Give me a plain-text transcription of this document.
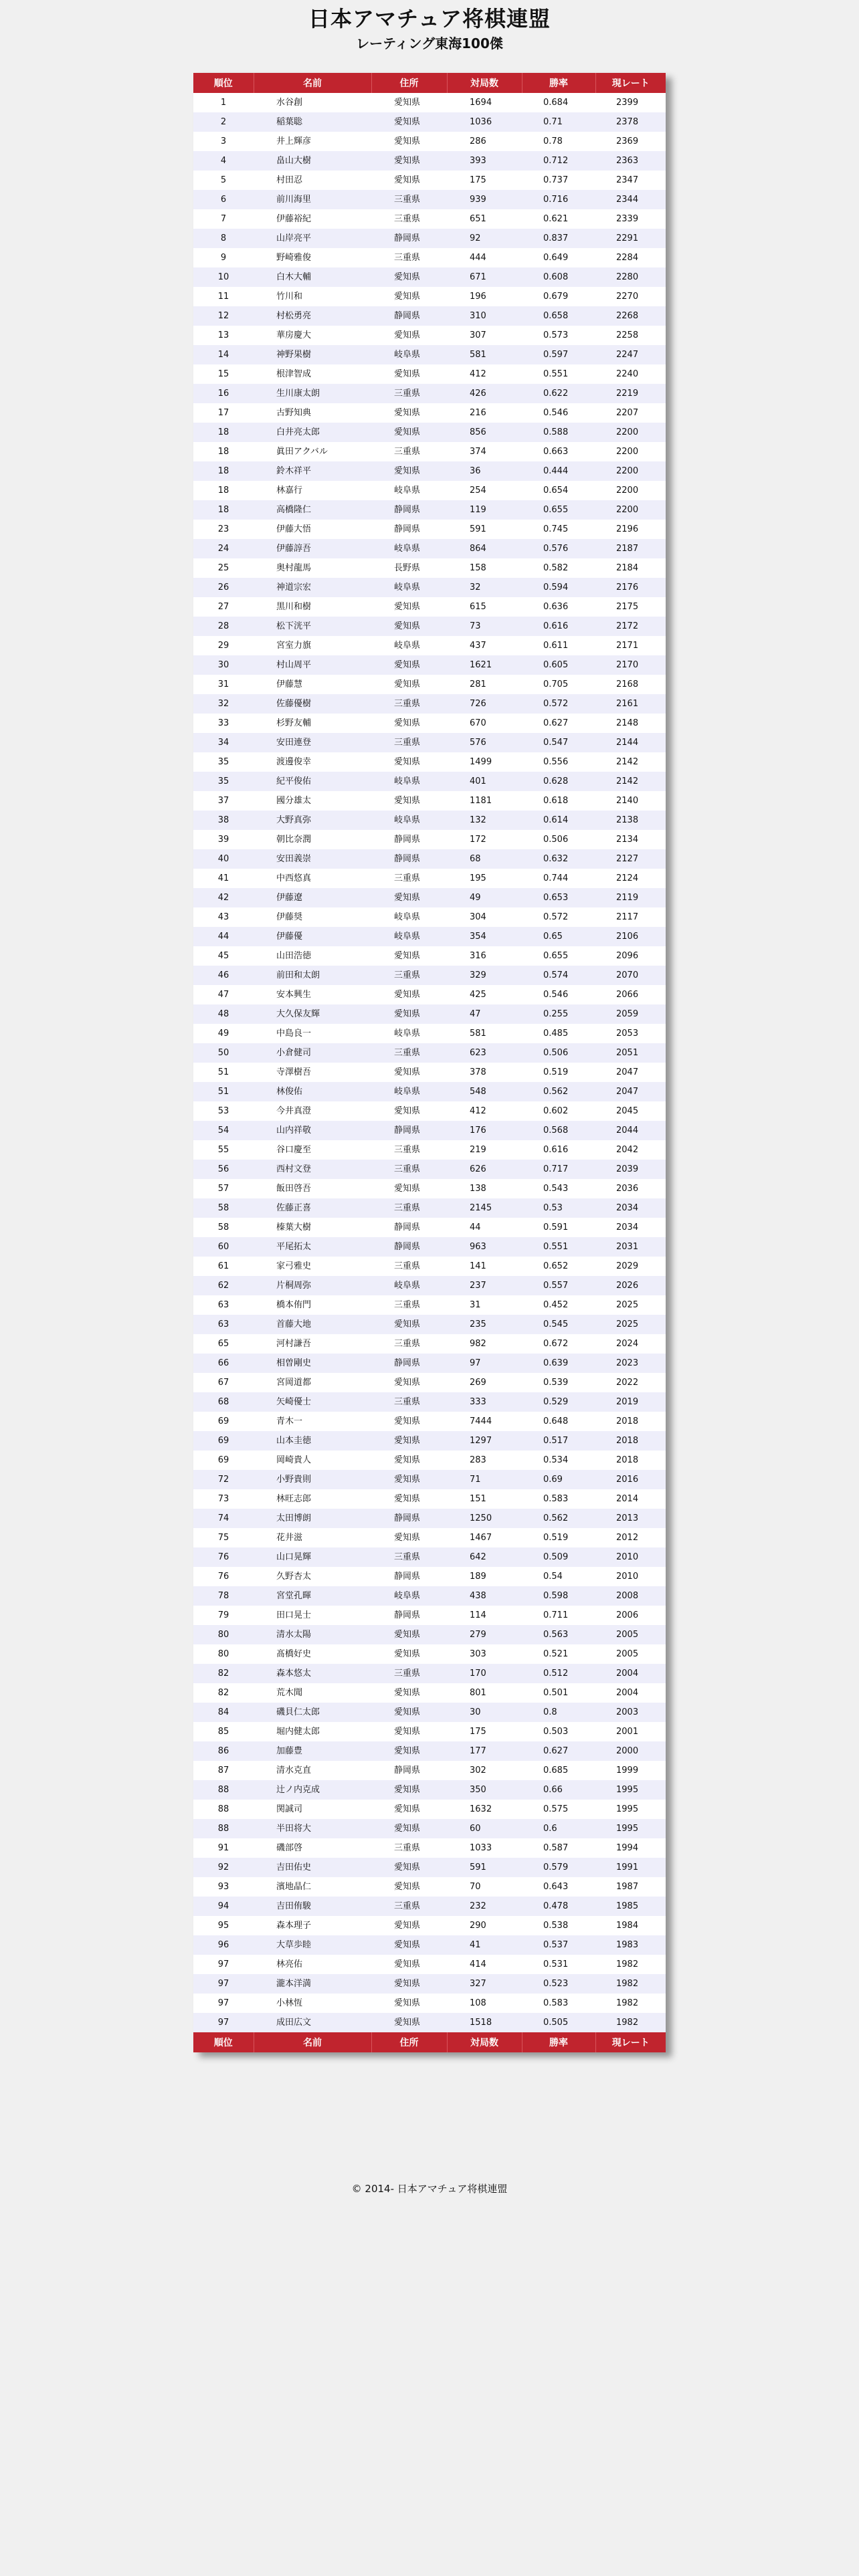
日本アマチュア将棋連盟
レーティング東海100傑
順位	名前	住所	対局数	勝率	現レート
1	水谷創	愛知県	1694	0.684	2399
2	稲葉聡	愛知県	1036	0.71	2378
3	井上輝彦	愛知県	286	0.78	2369
4	畠山大樹	愛知県	393	0.712	2363
5	村田忍	愛知県	175	0.737	2347
6	前川海里	三重県	939	0.716	2344
7	伊藤裕紀	三重県	651	0.621	2339
8	山岸亮平	静岡県	92	0.837	2291
9	野崎雅俊	三重県	444	0.649	2284
10	白木大輔	愛知県	671	0.608	2280
11	竹川和	愛知県	196	0.679	2270
12	村松勇亮	静岡県	310	0.658	2268
13	華房慶大	愛知県	307	0.573	2258
14	神野果樹	岐阜県	581	0.597	2247
15	根津智成	愛知県	412	0.551	2240
16	生川康太朗	三重県	426	0.622	2219
17	古野知典	愛知県	216	0.546	2207
18	白井亮太郎	愛知県	856	0.588	2200
18	眞田アクバル	三重県	374	0.663	2200
18	鈴木祥平	愛知県	36	0.444	2200
18	林嘉行	岐阜県	254	0.654	2200
18	高橋隆仁	静岡県	119	0.655	2200
23	伊藤大悟	静岡県	591	0.745	2196
24	伊藤諄吾	岐阜県	864	0.576	2187
25	奥村龍馬	長野県	158	0.582	2184
26	神道宗宏	岐阜県	32	0.594	2176
27	黒川和樹	愛知県	615	0.636	2175
28	松下洸平	愛知県	73	0.616	2172
29	宮室力旗	岐阜県	437	0.611	2171
30	村山周平	愛知県	1621	0.605	2170
31	伊藤慧	愛知県	281	0.705	2168
32	佐藤優樹	三重県	726	0.572	2161
33	杉野友輔	愛知県	670	0.627	2148
34	安田連登	三重県	576	0.547	2144
35	渡邊俊幸	愛知県	1499	0.556	2142
35	紀平俊佑	岐阜県	401	0.628	2142
37	國分雄太	愛知県	1181	0.618	2140
38	大野真弥	岐阜県	132	0.614	2138
39	朝比奈潤	静岡県	172	0.506	2134
40	安田義崇	静岡県	68	0.632	2127
41	中西悠真	三重県	195	0.744	2124
42	伊藤遼	愛知県	49	0.653	2119
43	伊藤奨	岐阜県	304	0.572	2117
44	伊藤優	岐阜県	354	0.65	2106
45	山田浩徳	愛知県	316	0.655	2096
46	前田和太朗	三重県	329	0.574	2070
47	安本興生	愛知県	425	0.546	2066
48	大久保友輝	愛知県	47	0.255	2059
49	中島良一	岐阜県	581	0.485	2053
50	小倉健司	三重県	623	0.506	2051
51	寺澤樹吾	愛知県	378	0.519	2047
51	林俊佑	岐阜県	548	0.562	2047
53	今井真澄	愛知県	412	0.602	2045
54	山内祥敬	静岡県	176	0.568	2044
55	谷口慶至	三重県	219	0.616	2042
56	西村文登	三重県	626	0.717	2039
57	飯田啓吾	愛知県	138	0.543	2036
58	佐藤正喜	三重県	2145	0.53	2034
58	榛葉大樹	静岡県	44	0.591	2034
60	平尾拓太	静岡県	963	0.551	2031
61	家弓雅史	三重県	141	0.652	2029
62	片桐周弥	岐阜県	237	0.557	2026
63	橋本侑門	三重県	31	0.452	2025
63	首藤大地	愛知県	235	0.545	2025
65	河村謙吾	三重県	982	0.672	2024
66	相曽剛史	静岡県	97	0.639	2023
67	宮岡道都	愛知県	269	0.539	2022
68	矢崎優士	三重県	333	0.529	2019
69	青木一	愛知県	7444	0.648	2018
69	山本圭徳	愛知県	1297	0.517	2018
69	岡崎貴人	愛知県	283	0.534	2018
72	小野貴則	愛知県	71	0.69	2016
73	林旺志郎	愛知県	151	0.583	2014
74	太田博朗	静岡県	1250	0.562	2013
75	花井滋	愛知県	1467	0.519	2012
76	山口晃輝	三重県	642	0.509	2010
76	久野杏太	静岡県	189	0.54	2010
78	宮堂孔暉	岐阜県	438	0.598	2008
79	田口晃士	静岡県	114	0.711	2006
80	清水太陽	愛知県	279	0.563	2005
80	髙橋好史	愛知県	303	0.521	2005
82	森本悠太	三重県	170	0.512	2004
82	荒木聞	愛知県	801	0.501	2004
84	磯貝仁太郎	愛知県	30	0.8	2003
85	堀内健太郎	愛知県	175	0.503	2001
86	加藤豊	愛知県	177	0.627	2000
87	清水克直	静岡県	302	0.685	1999
88	辻ノ内克成	愛知県	350	0.66	1995
88	関誠司	愛知県	1632	0.575	1995
88	半田将大	愛知県	60	0.6	1995
91	磯部啓	三重県	1033	0.587	1994
92	吉田佑史	愛知県	591	0.579	1991
93	濱地晶仁	愛知県	70	0.643	1987
94	吉田侑駿	三重県	232	0.478	1985
95	森本理子	愛知県	290	0.538	1984
96	大草歩睦	愛知県	41	0.537	1983
97	林亮佑	愛知県	414	0.531	1982
97	瀧本洋満	愛知県	327	0.523	1982
97	小林恆	愛知県	108	0.583	1982
97	成田広文	愛知県	1518	0.505	1982
順位	名前	住所	対局数	勝率	現レート
© 2014- 日本アマチュア将棋連盟
